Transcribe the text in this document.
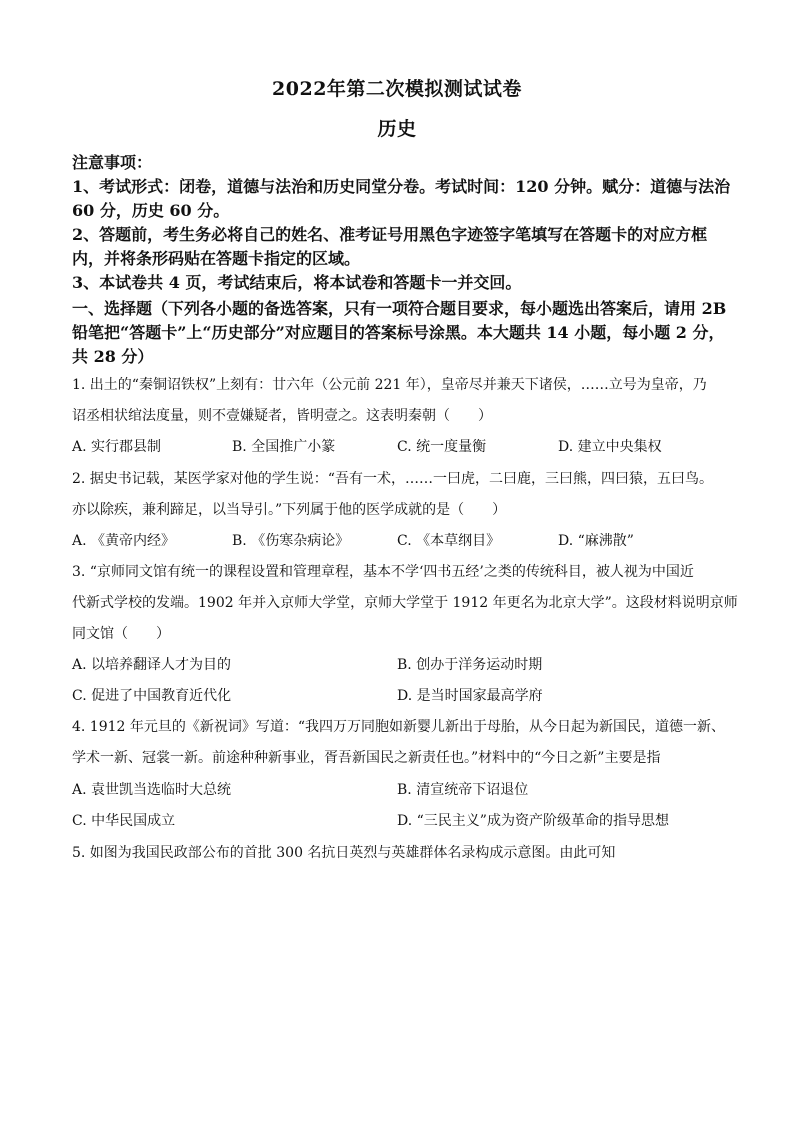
2022年第二次模拟测试试卷
历史
注意事项：
1、考试形式：闭卷，道德与法治和历史同堂分卷。考试时间：120 分钟。赋分：道德与法治
60 分，历史 60 分。
2、答题前，考生务必将自己的姓名、准考证号用黑色字迹签字笔填写在答题卡的对应方框
内，并将条形码贴在答题卡指定的区域。
3、本试卷共 4 页，考试结束后，将本试卷和答题卡一并交回。
一、选择题（下列各小题的备选答案，只有一项符合题目要求，每小题选出答案后，请用 2B
铅笔把“答题卡”上“历史部分”对应题目的答案标号涂黑。本大题共 14 小题，每小题 2 分，
共 28 分）
1. 出土的“秦铜诏铁权”上刻有：廿六年（公元前 221 年），皇帝尽并兼天下诸侯，……立号为皇帝，乃
诏丞相状绾法度量，则不壹嫌疑者，皆明壹之。这表明秦朝（　　）
A. 实行郡县制	B. 全国推广小篆	C. 统一度量衡	D. 建立中央集权
2. 据史书记载，某医学家对他的学生说：“吾有一术，……一曰虎，二曰鹿，三曰熊，四曰猿，五曰鸟。
亦以除疾，兼利蹄足，以当导引。”下列属于他的医学成就的是（　　）
A. 《黄帝内经》	B. 《伤寒杂病论》	C. 《本草纲目》	D. “麻沸散”
3. “京师同文馆有统一的课程设置和管理章程，基本不学‘四书五经’之类的传统科目，被人视为中国近
代新式学校的发端。1902 年并入京师大学堂，京师大学堂于 1912 年更名为北京大学”。这段材料说明京师
同文馆（　　）
A. 以培养翻译人才为目的	B. 创办于洋务运动时期
C. 促进了中国教育近代化	D. 是当时国家最高学府
4. 1912 年元旦的《新祝词》写道：“我四万万同胞如新婴儿新出于母胎，从今日起为新国民，道德一新、
学术一新、冠裳一新。前途种种新事业，胥吾新国民之新责任也。”材料中的“今日之新”主要是指
A. 袁世凯当选临时大总统	B. 清宣统帝下诏退位
C. 中华民国成立	D. “三民主义”成为资产阶级革命的指导思想
5. 如图为我国民政部公布的首批 300 名抗日英烈与英雄群体名录构成示意图。由此可知
